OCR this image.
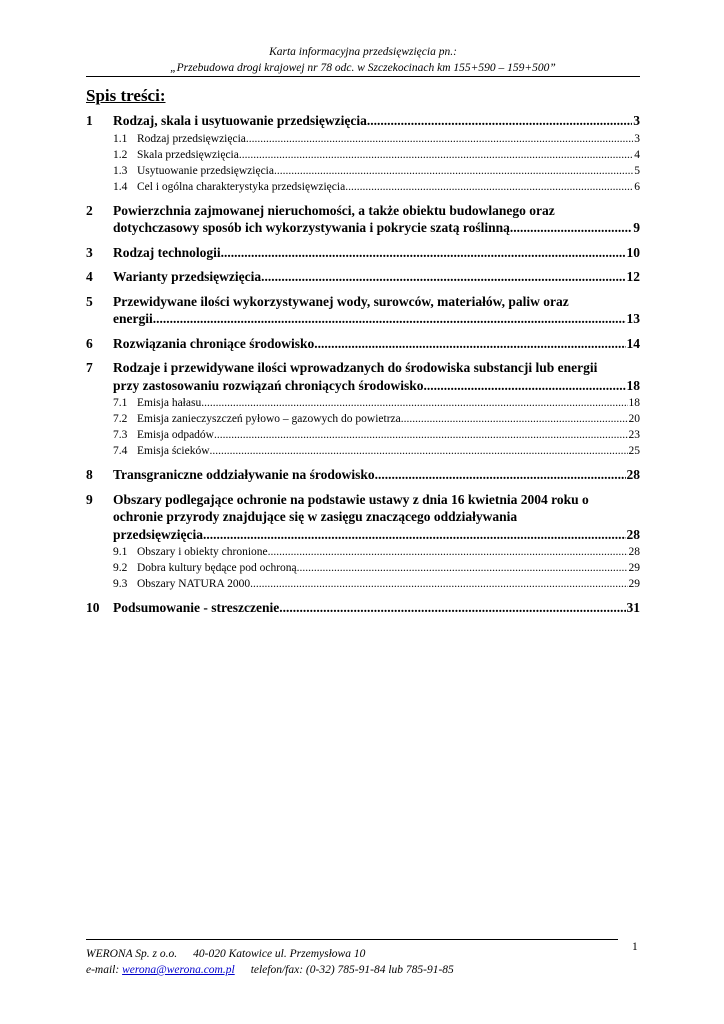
Karta informacyjna przedsięwzięcia pn.:
„Przebudowa drogi krajowej nr 78 odc. w Szczekocinach km 155+590 – 159+500”
Spis treści:
1 Rodzaj, skala i usytuowanie przedsięwzięcia .....	3
1.1 Rodzaj przedsięwzięcia .....	3
1.2 Skala przedsięwzięcia .....	4
1.3 Usytuowanie przedsięwzięcia .....	5
1.4 Cel i ogólna charakterystyka przedsięwzięcia .....	6
2 Powierzchnia zajmowanej nieruchomości, a także obiektu budowlanego oraz
dotychczasowy sposób ich wykorzystywania i pokrycie szatą roślinną .....	9
3 Rodzaj technologii .....	10
4 Warianty przedsięwzięcia .....	12
5 Przewidywane ilości wykorzystywanej wody, surowców, materiałów, paliw oraz
energii .....	13
6 Rozwiązania chroniące środowisko .....	14
7 Rodzaje i przewidywane ilości wprowadzanych do środowiska substancji lub energii
przy zastosowaniu rozwiązań chroniących środowisko .....	18
7.1 Emisja hałasu .....	18
7.2 Emisja zanieczyszczeń pyłowo – gazowych do powietrza .....	20
7.3 Emisja odpadów .....	23
7.4 Emisja ścieków .....	25
8 Transgraniczne oddziaływanie na środowisko .....	28
9 Obszary podlegające ochronie na podstawie ustawy z dnia 16 kwietnia 2004 roku o
ochronie przyrody znajdujące się w zasięgu znaczącego oddziaływania
przedsięwzięcia .....	28
9.1 Obszary i obiekty chronione .....	28
9.2 Dobra kultury będące pod ochroną .....	29
9.3 Obszary NATURA 2000 .....	29
10 Podsumowanie - streszczenie .....	31
1
WERONA Sp. z o.o. 40-020 Katowice ul. Przemysłowa 10
e-mail: werona@werona.com.pl telefon/fax: (0-32) 785-91-84 lub 785-91-85
